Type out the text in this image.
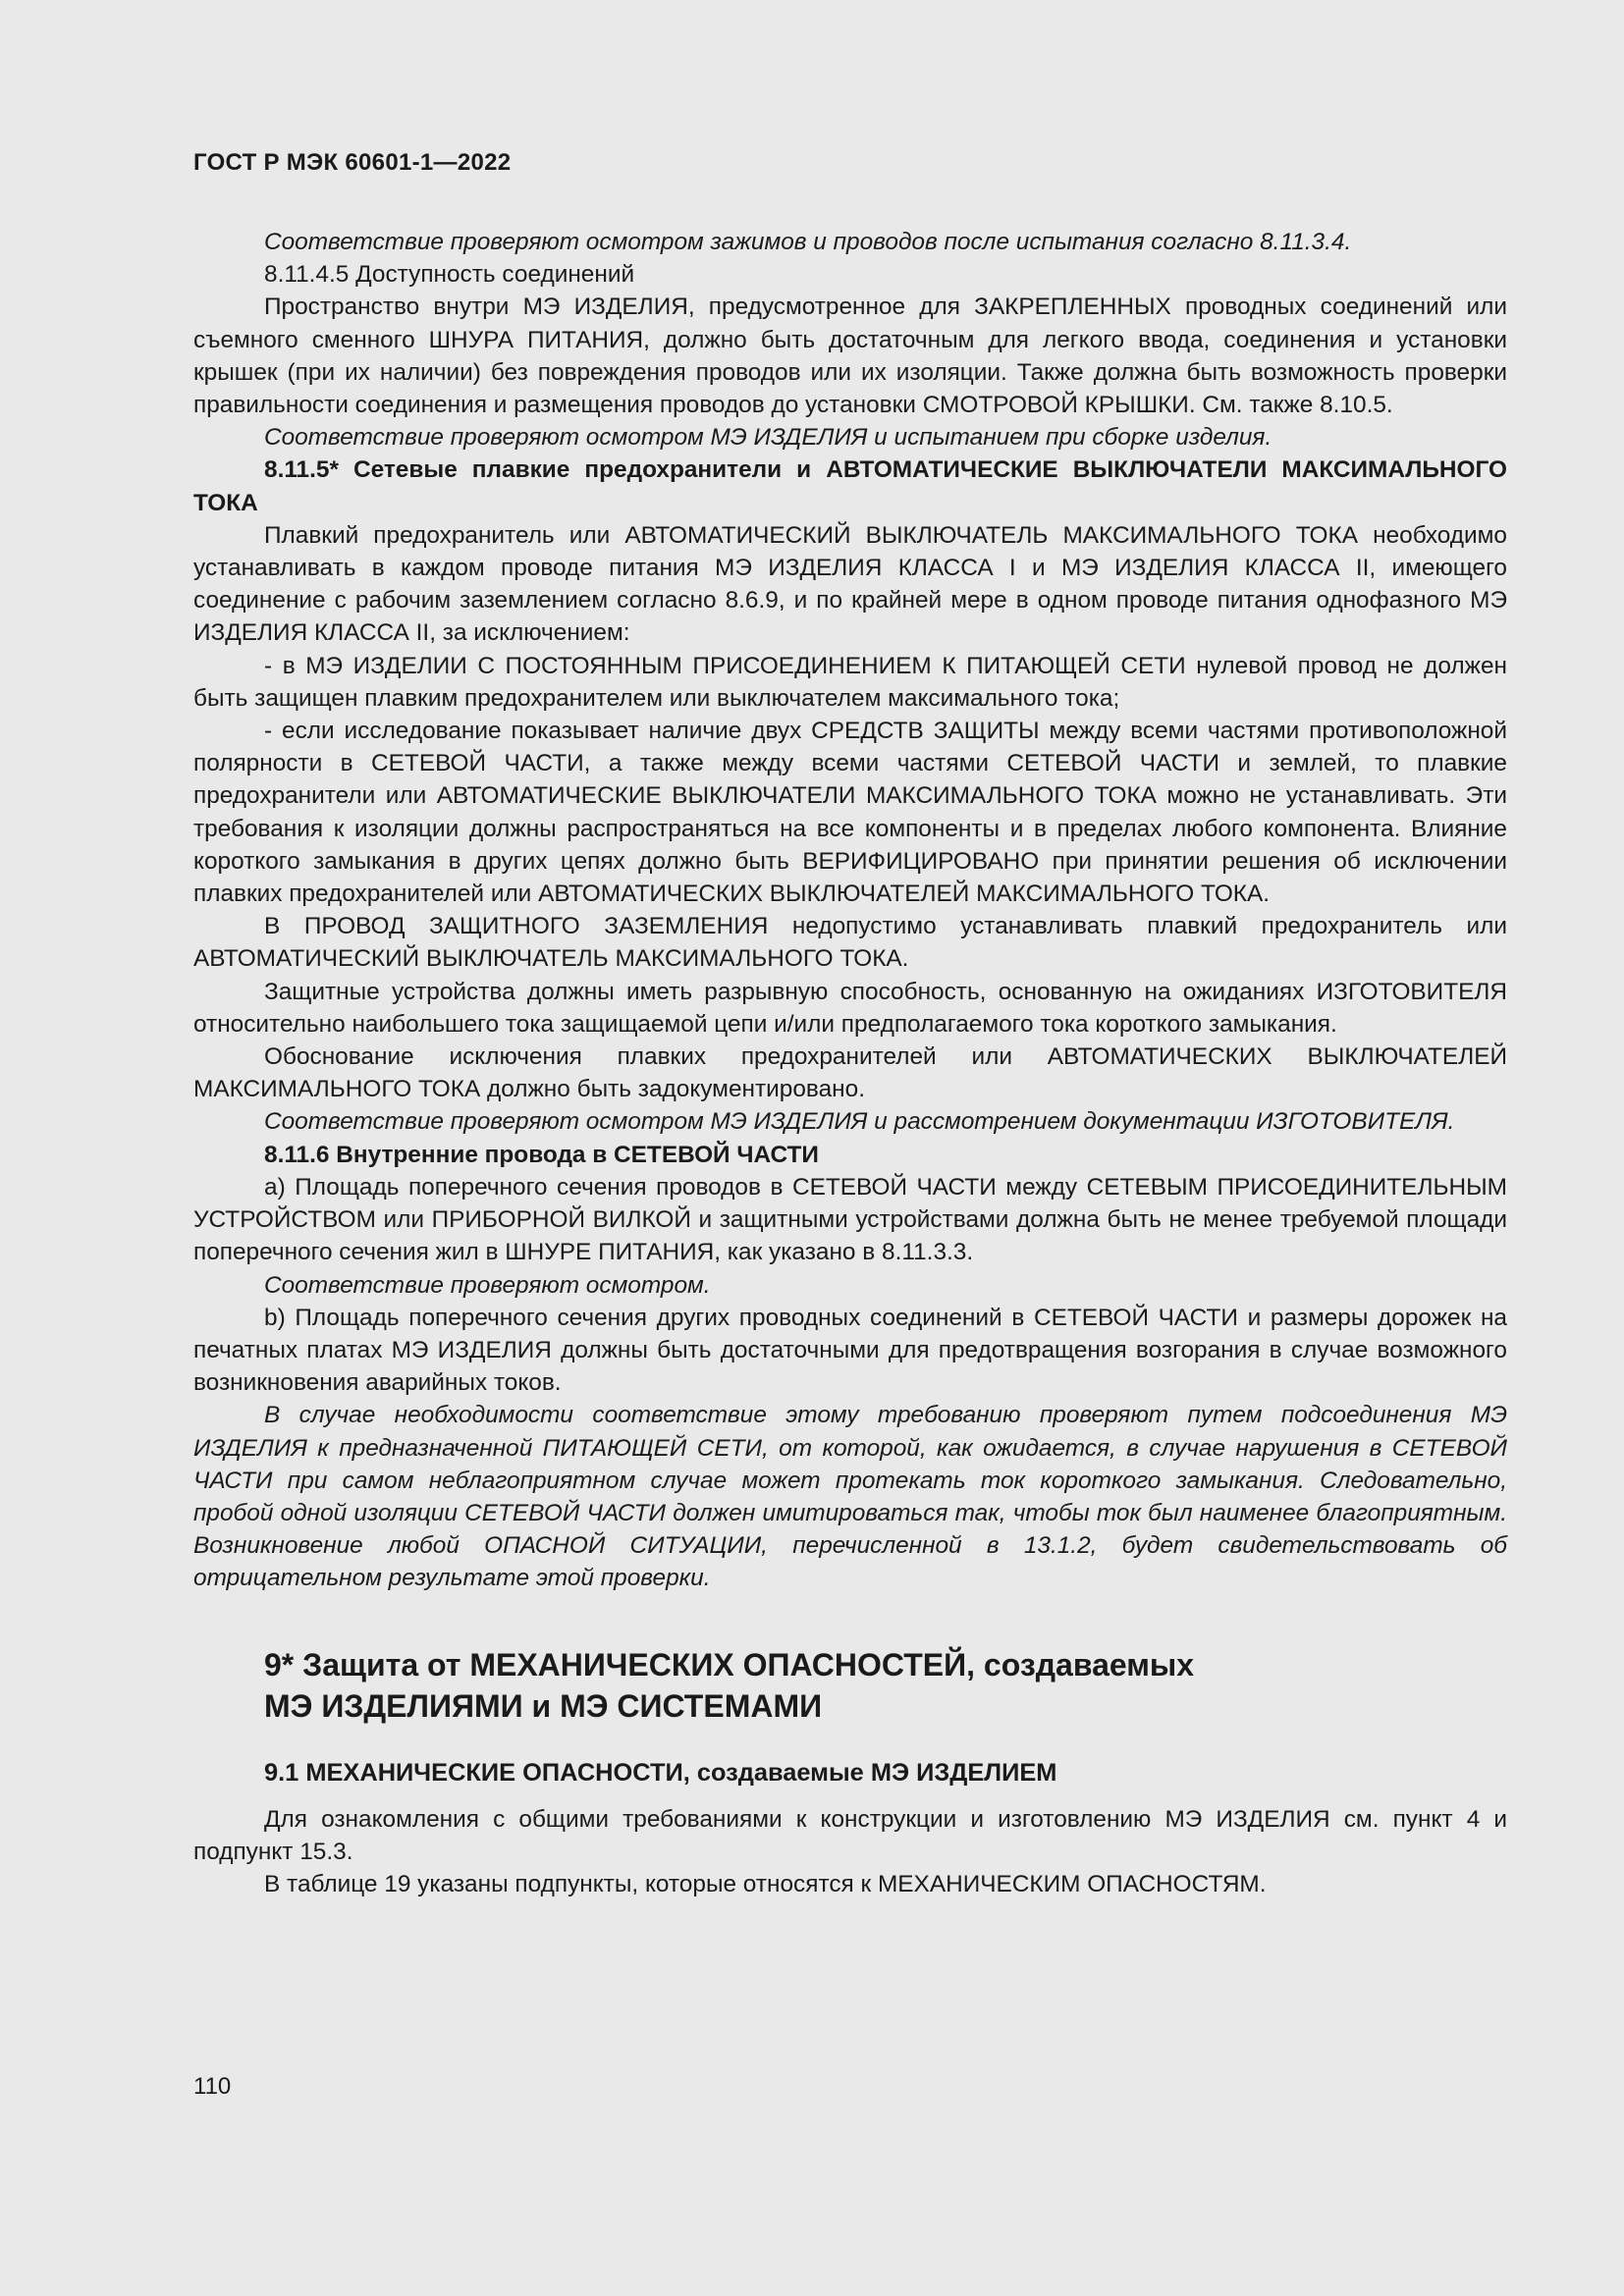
ГОСТ Р МЭК 60601-1—2022

Соответствие проверяют осмотром зажимов и проводов после испытания согласно 8.11.3.4.

8.11.4.5 Доступность соединений

Пространство внутри МЭ ИЗДЕЛИЯ, предусмотренное для ЗАКРЕПЛЕННЫХ проводных соединений или съемного сменного ШНУРА ПИТАНИЯ, должно быть достаточным для легкого ввода, соединения и установки крышек (при их наличии) без повреждения проводов или их изоляции. Также должна быть возможность проверки правильности соединения и размещения проводов до установки СМОТРОВОЙ КРЫШКИ. См. также 8.10.5.

Соответствие проверяют осмотром МЭ ИЗДЕЛИЯ и испытанием при сборке изделия.

8.11.5* Сетевые плавкие предохранители и АВТОМАТИЧЕСКИЕ ВЫКЛЮЧАТЕЛИ МАКСИМАЛЬНОГО ТОКА

Плавкий предохранитель или АВТОМАТИЧЕСКИЙ ВЫКЛЮЧАТЕЛЬ МАКСИМАЛЬНОГО ТОКА необходимо устанавливать в каждом проводе питания МЭ ИЗДЕЛИЯ КЛАССА I и МЭ ИЗДЕЛИЯ КЛАССА II, имеющего соединение с рабочим заземлением согласно 8.6.9, и по крайней мере в одном проводе питания однофазного МЭ ИЗДЕЛИЯ КЛАССА II, за исключением:

- в МЭ ИЗДЕЛИИ С ПОСТОЯННЫМ ПРИСОЕДИНЕНИЕМ К ПИТАЮЩЕЙ СЕТИ нулевой провод не должен быть защищен плавким предохранителем или выключателем максимального тока;

- если исследование показывает наличие двух СРЕДСТВ ЗАЩИТЫ между всеми частями противоположной полярности в СЕТЕВОЙ ЧАСТИ, а также между всеми частями СЕТЕВОЙ ЧАСТИ и землей, то плавкие предохранители или АВТОМАТИЧЕСКИЕ ВЫКЛЮЧАТЕЛИ МАКСИМАЛЬНОГО ТОКА можно не устанавливать. Эти требования к изоляции должны распространяться на все компоненты и в пределах любого компонента. Влияние короткого замыкания в других цепях должно быть ВЕРИФИЦИРОВАНО при принятии решения об исключении плавких предохранителей или АВТОМАТИЧЕСКИХ ВЫКЛЮЧАТЕЛЕЙ МАКСИМАЛЬНОГО ТОКА.

В ПРОВОД ЗАЩИТНОГО ЗАЗЕМЛЕНИЯ недопустимо устанавливать плавкий предохранитель или АВТОМАТИЧЕСКИЙ ВЫКЛЮЧАТЕЛЬ МАКСИМАЛЬНОГО ТОКА.

Защитные устройства должны иметь разрывную способность, основанную на ожиданиях ИЗГОТОВИТЕЛЯ относительно наибольшего тока защищаемой цепи и/или предполагаемого тока короткого замыкания.

Обоснование исключения плавких предохранителей или АВТОМАТИЧЕСКИХ ВЫКЛЮЧАТЕЛЕЙ МАКСИМАЛЬНОГО ТОКА должно быть задокументировано.

Соответствие проверяют осмотром МЭ ИЗДЕЛИЯ и рассмотрением документации ИЗГОТОВИТЕЛЯ.

8.11.6 Внутренние провода в СЕТЕВОЙ ЧАСТИ

a) Площадь поперечного сечения проводов в СЕТЕВОЙ ЧАСТИ между СЕТЕВЫМ ПРИСОЕДИНИТЕЛЬНЫМ УСТРОЙСТВОМ или ПРИБОРНОЙ ВИЛКОЙ и защитными устройствами должна быть не менее требуемой площади поперечного сечения жил в ШНУРЕ ПИТАНИЯ, как указано в 8.11.3.3.

Соответствие проверяют осмотром.

b) Площадь поперечного сечения других проводных соединений в СЕТЕВОЙ ЧАСТИ и размеры дорожек на печатных платах МЭ ИЗДЕЛИЯ должны быть достаточными для предотвращения возгорания в случае возможного возникновения аварийных токов.

В случае необходимости соответствие этому требованию проверяют путем подсоединения МЭ ИЗДЕЛИЯ к предназначенной ПИТАЮЩЕЙ СЕТИ, от которой, как ожидается, в случае нарушения в СЕТЕВОЙ ЧАСТИ при самом неблагоприятном случае может протекать ток короткого замыкания. Следовательно, пробой одной изоляции СЕТЕВОЙ ЧАСТИ должен имитироваться так, чтобы ток был наименее благоприятным. Возникновение любой ОПАСНОЙ СИТУАЦИИ, перечисленной в 13.1.2, будет свидетельствовать об отрицательном результате этой проверки.

9* Защита от МЕХАНИЧЕСКИХ ОПАСНОСТЕЙ, создаваемых
МЭ ИЗДЕЛИЯМИ и МЭ СИСТЕМАМИ
9.1 МЕХАНИЧЕСКИЕ ОПАСНОСТИ, создаваемые МЭ ИЗДЕЛИЕМ

Для ознакомления с общими требованиями к конструкции и изготовлению МЭ ИЗДЕЛИЯ см. пункт 4 и подпункт 15.3.

В таблице 19 указаны подпункты, которые относятся к МЕХАНИЧЕСКИМ ОПАСНОСТЯМ.

110
